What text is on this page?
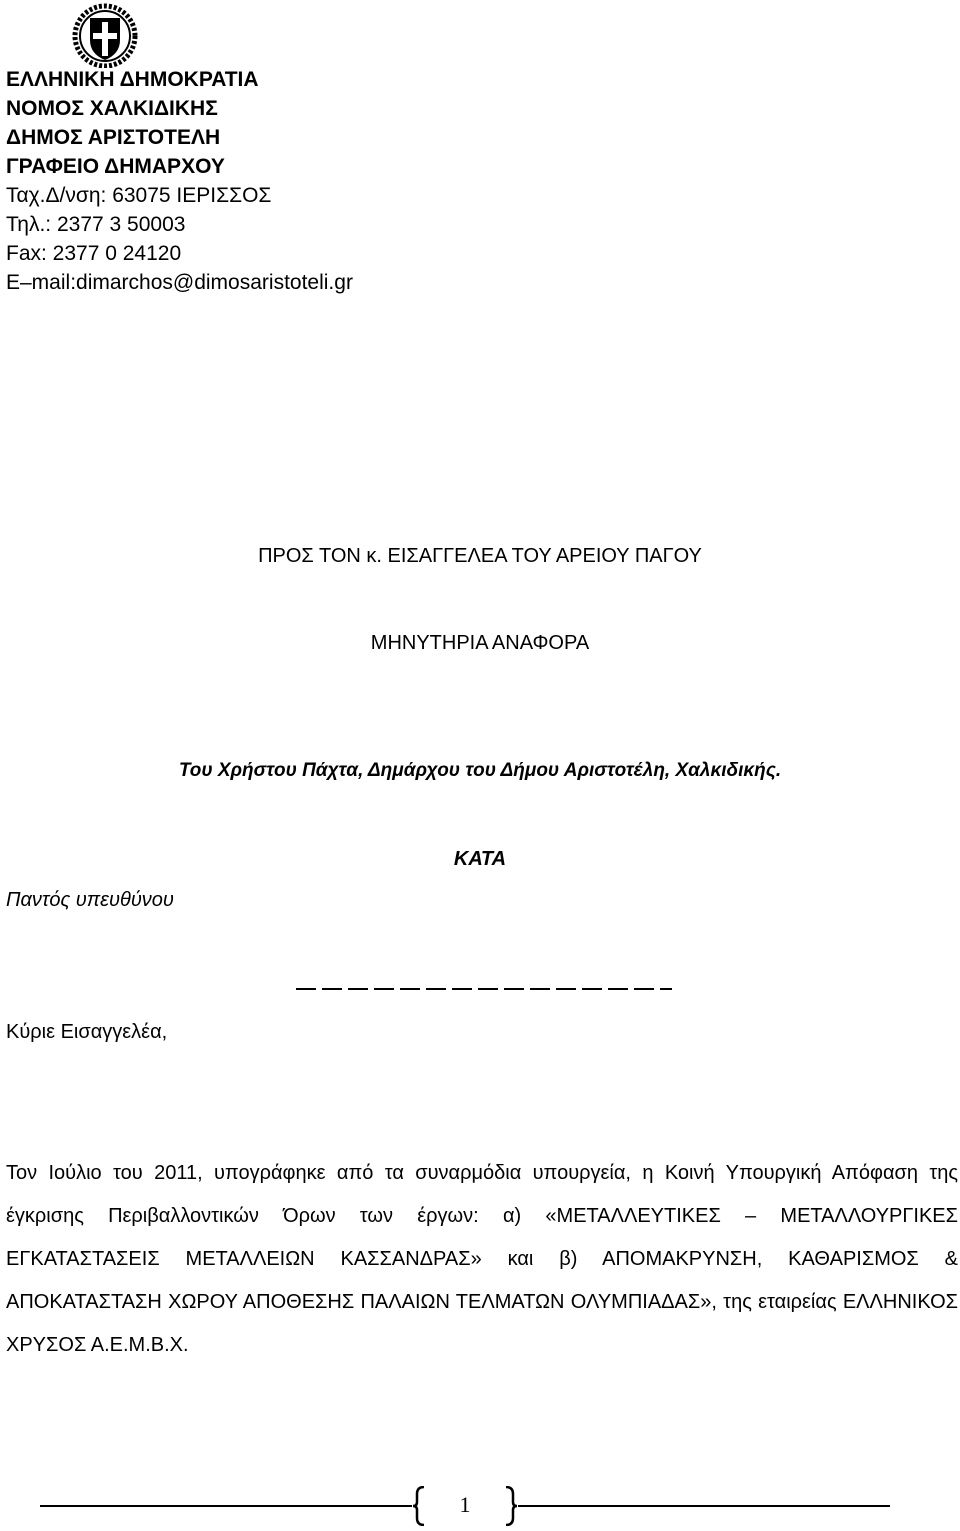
ΕΛΛΗΝΙΚΗ ΔΗΜΟΚΡΑΤΙΑ
ΝΟΜΟΣ ΧΑΛΚΙΔΙΚΗΣ
ΔΗΜΟΣ ΑΡΙΣΤΟΤΕΛΗ
ΓΡΑΦΕΙΟ ΔΗΜΑΡΧΟΥ
Ταχ.Δ/νση: 63075 ΙΕΡΙΣΣΟΣ
Τηλ.: 2377 3 50003
Fax: 2377 0 24120
E–mail:dimarchos@dimosaristoteli.gr
ΠΡΟΣ ΤΟΝ κ. ΕΙΣΑΓΓΕΛΕΑ ΤΟΥ ΑΡΕΙΟΥ ΠΑΓΟΥ
ΜΗΝΥΤΗΡΙΑ ΑΝΑΦΟΡΑ
Του Χρήστου Πάχτα, Δημάρχου του Δήμου Αριστοτέλη, Χαλκιδικής.
ΚΑΤΑ
Παντός υπευθύνου
Κύριε Εισαγγελέα,

Τον Ιούλιο του 2011, υπογράφηκε από τα συναρμόδια υπουργεία, η Κοινή Υπουργική Απόφαση της έγκρισης Περιβαλλοντικών Όρων των έργων: α) «ΜΕΤΑΛΛΕΥΤΙΚΕΣ – ΜΕΤΑΛΛΟΥΡΓΙΚΕΣ ΕΓΚΑΤΑΣΤΑΣΕΙΣ ΜΕΤΑΛΛΕΙΩΝ ΚΑΣΣΑΝΔΡΑΣ» και β) ΑΠΟΜΑΚΡΥΝΣΗ, ΚΑΘΑΡΙΣΜΟΣ & ΑΠΟΚΑΤΑΣΤΑΣΗ ΧΩΡΟΥ ΑΠΟΘΕΣΗΣ ΠΑΛΑΙΩΝ ΤΕΛΜΑΤΩΝ ΟΛΥΜΠΙΑΔΑΣ», της εταιρείας ΕΛΛΗΝΙΚΟΣ ΧΡΥΣΟΣ Α.Ε.Μ.Β.Χ.

1
